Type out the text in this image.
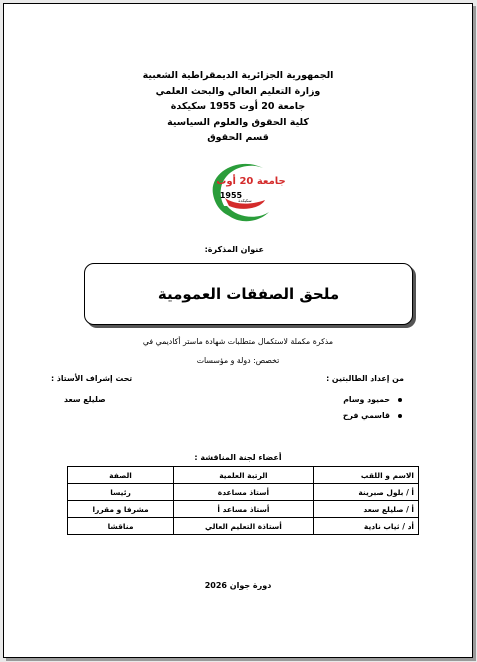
الجمهورية الجزائرية الديمقراطية الشعبية
وزارة التعليم العالي والبحث العلمي
جامعة 20 أوت 1955 سكيكدة
كلية الحقوق والعلوم السياسية
قسم الحقوق
جامعة 20 أوت
1955
سكيكدة
عنوان المذكرة:
ملحق الصفقات العمومية
مذكرة مكملة لاستكمال متطلبات شهادة ماستر أكاديمي في
تخصص: دولة و مؤسسات
من إعداد الطالبتين :
تحت إشراف الأستاذ :
حميود وسام
قاسمي فرح
صليلع سعد
أعضاء لجنة المناقشة :
الاسم و اللقب	الرتبة العلمية	الصفة
أ / بلول صبرينة	أستاذ مساعدة	رئيسا
أ / صليلع سعد	أستاذ مساعد أ	مشرفا و مقررا
أد / ثياب نادية	أستاذة التعليم العالي	مناقشا
دورة جوان 2026
